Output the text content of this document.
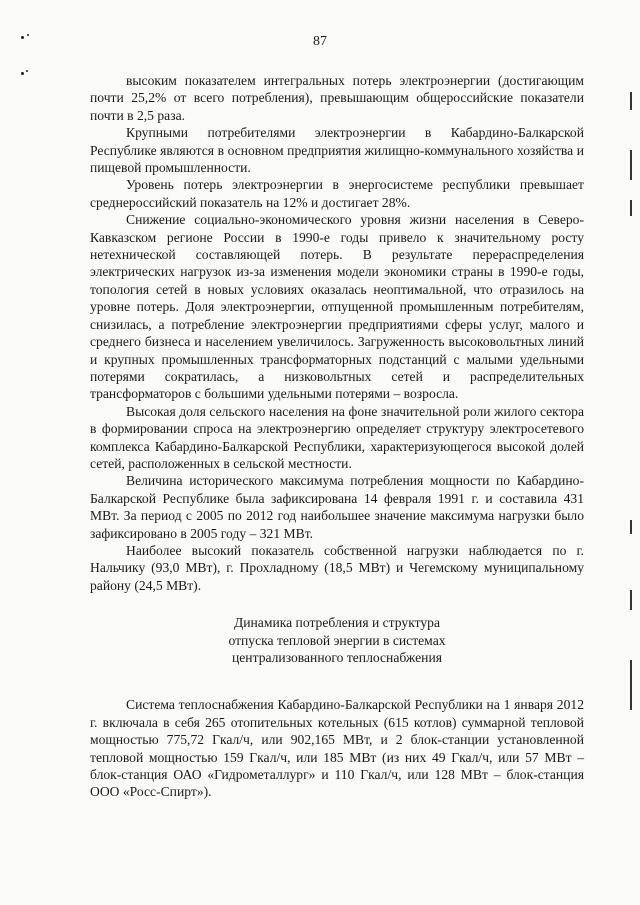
87

высоким показателем интегральных потерь электроэнергии (достигающим почти 25,2% от всего потребления), превышающим общероссийские показатели почти в 2,5 раза.

Крупными потребителями электроэнергии в Кабардино-Балкарской Республике являются в основном предприятия жилищно-коммунального хозяйства и пищевой промышленности.

Уровень потерь электроэнергии в энергосистеме республики превышает среднероссийский показатель на 12% и достигает 28%.

Снижение социально-экономического уровня жизни населения в Северо-Кавказском регионе России в 1990-е годы привело к значительному росту нетехнической составляющей потерь. В результате перераспределения электрических нагрузок из-за изменения модели экономики страны в 1990-е годы, топология сетей в новых условиях оказалась неоптимальной, что отразилось на уровне потерь. Доля электроэнергии, отпущенной промышленным потребителям, снизилась, а потребление электроэнергии предприятиями сферы услуг, малого и среднего бизнеса и населением увеличилось. Загруженность высоковольтных линий и крупных промышленных трансформаторных подстанций с малыми удельными потерями сократилась, а низковольтных сетей и распределительных трансформаторов с большими удельными потерями – возросла.

Высокая доля сельского населения на фоне значительной роли жилого сектора в формировании спроса на электроэнергию определяет структуру электросетевого комплекса Кабардино-Балкарской Республики, характеризующегося высокой долей сетей, расположенных в сельской местности.

Величина исторического максимума потребления мощности по Кабардино-Балкарской Республике была зафиксирована 14 февраля 1991 г. и составила 431 МВт. За период с 2005 по 2012 год наибольшее значение максимума нагрузки было зафиксировано в 2005 году – 321 МВт.

Наиболее высокий показатель собственной нагрузки наблюдается по г. Нальчику (93,0 МВт), г. Прохладному (18,5 МВт) и Чегемскому муниципальному району (24,5 МВт).

Динамика потребления и структура
отпуска тепловой энергии в системах
централизованного теплоснабжения

Система теплоснабжения Кабардино-Балкарской Республики на 1 января 2012 г. включала в себя 265 отопительных котельных (615 котлов) суммарной тепловой мощностью 775,72 Гкал/ч, или 902,165 МВт, и 2 блок-станции установленной тепловой мощностью 159 Гкал/ч, или 185 МВт (из них 49 Гкал/ч, или 57 МВт – блок-станция ОАО «Гидрометаллург» и 110 Гкал/ч, или 128 МВт – блок-станция ООО «Росс-Спирт»).
